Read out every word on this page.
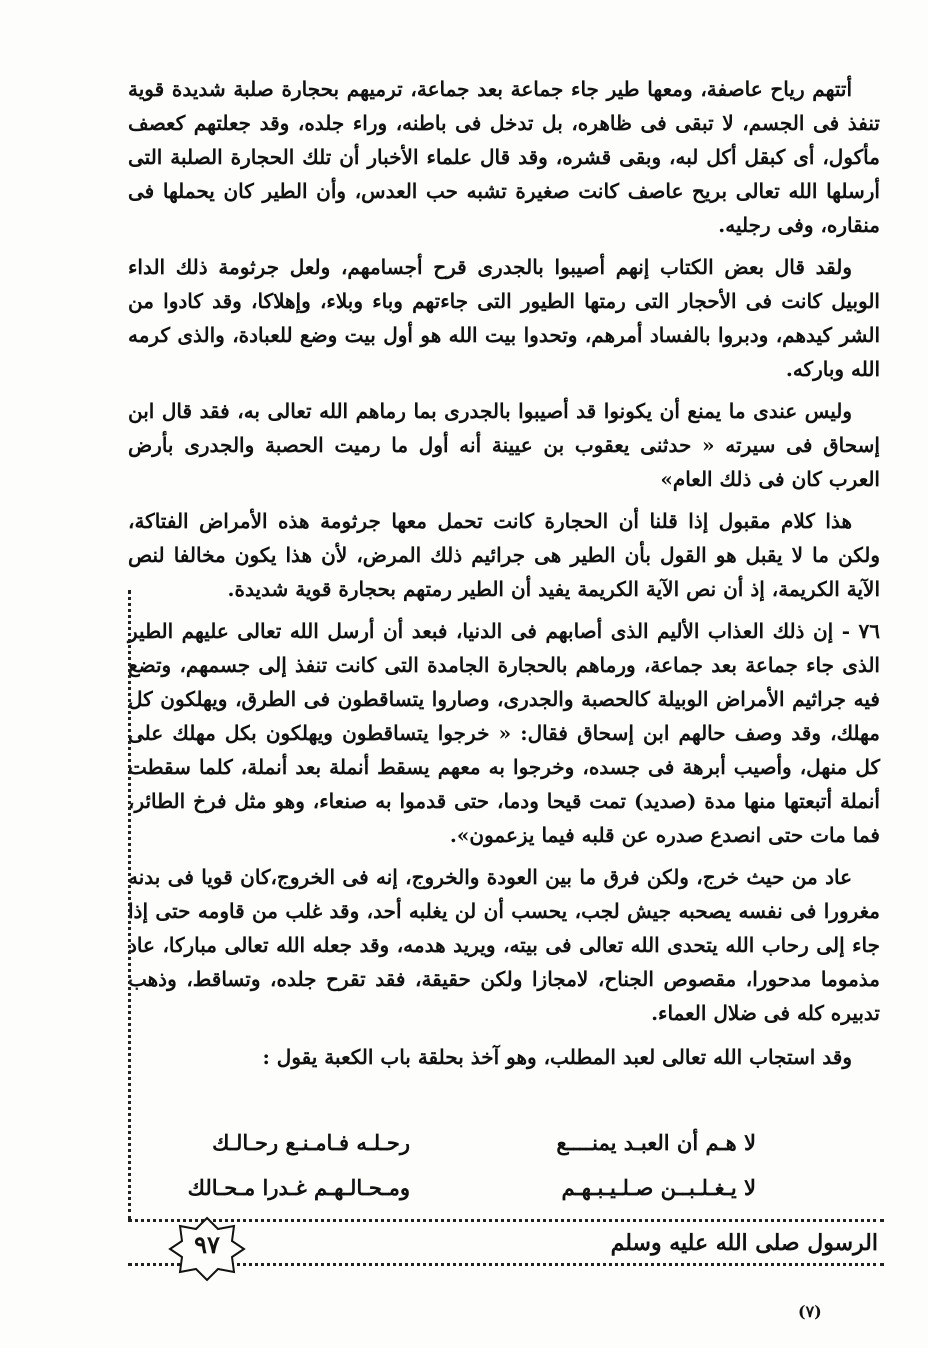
أتتهم رياح عاصفة، ومعها طير جاء جماعة بعد جماعة، ترميهم بحجارة صلبة شديدة قوية تنفذ فى الجسم، لا تبقى فى ظاهره، بل تدخل فى باطنه، وراء جلده، وقد جعلتهم كعصف مأكول، أى كبقل أكل لبه، وبقى قشره، وقد قال علماء الأخبار أن تلك الحجارة الصلبة التى أرسلها الله تعالى بريح عاصف كانت صغيرة تشبه حب العدس، وأن الطير كان يحملها فى منقاره، وفى رجليه.

ولقد قال بعض الكتاب إنهم أصيبوا بالجدرى قرح أجسامهم، ولعل جرثومة ذلك الداء الوبيل كانت فى الأحجار التى رمتها الطيور التى جاءتهم وباء وبلاء، وإهلاكا، وقد كادوا من الشر كيدهم، ودبروا بالفساد أمرهم، وتحدوا بيت الله هو أول بيت وضع للعبادة، والذى كرمه الله وباركه.

وليس عندى ما يمنع أن يكونوا قد أصيبوا بالجدرى بما رماهم الله تعالى به، فقد قال ابن إسحاق فى سيرته « حدثنى يعقوب بن عيينة أنه أول ما رميت الحصبة والجدرى بأرض العرب كان فى ذلك العام»

هذا كلام مقبول إذا قلنا أن الحجارة كانت تحمل معها جرثومة هذه الأمراض الفتاكة، ولكن ما لا يقبل هو القول بأن الطير هى جرائيم ذلك المرض، لأن هذا يكون مخالفا لنص الآية الكريمة، إذ أن نص الآية الكريمة يفيد أن الطير رمتهم بحجارة قوية شديدة.

٧٦ - إن ذلك العذاب الأليم الذى أصابهم فى الدنيا، فبعد أن أرسل الله تعالى عليهم الطير الذى جاء جماعة بعد جماعة، ورماهم بالحجارة الجامدة التى كانت تنفذ إلى جسمهم، وتضع فيه جراثيم الأمراض الوبيلة كالحصبة والجدرى، وصاروا يتساقطون فى الطرق، ويهلكون كل مهلك، وقد وصف حالهم ابن إسحاق فقال: « خرجوا يتساقطون ويهلكون بكل مهلك على كل منهل، وأصيب أبرهة فى جسده، وخرجوا به معهم يسقط أنملة بعد أنملة، كلما سقطت أنملة أتبعتها منها مدة (صديد) تمت قيحا ودما، حتى قدموا به صنعاء، وهو مثل فرخ الطائر، فما مات حتى انصدع صدره عن قلبه فيما يزعمون».

عاد من حيث خرج، ولكن فرق ما بين العودة والخروج، إنه فى الخروج،كان قويا فى بدنه مغرورا فى نفسه يصحبه جيش لجب، يحسب أن لن يغلبه أحد، وقد غلب من قاومه حتى إذا جاء إلى رحاب الله يتحدى الله تعالى فى بيته، ويريد هدمه، وقد جعله الله تعالى مباركا، عاد مذموما مدحورا، مقصوص الجناح، لامجازا ولكن حقيقة، فقد تقرح جلده، وتساقط، وذهب تدبيره كله فى ضلال العماء.

وقد استجاب الله تعالى لعبد المطلب، وهو آخذ بحلقة باب الكعبة يقول :

لا هـم أن العبـد يمنــــع
رحـلـه فـامـنـع رحـالـك
لا يـغـلـبــن صـلـيـبـهـم
ومـحـالـهـم غـدرا مـحـالك
٩٧	الرسول صلى الله عليه وسلم
(٧)
